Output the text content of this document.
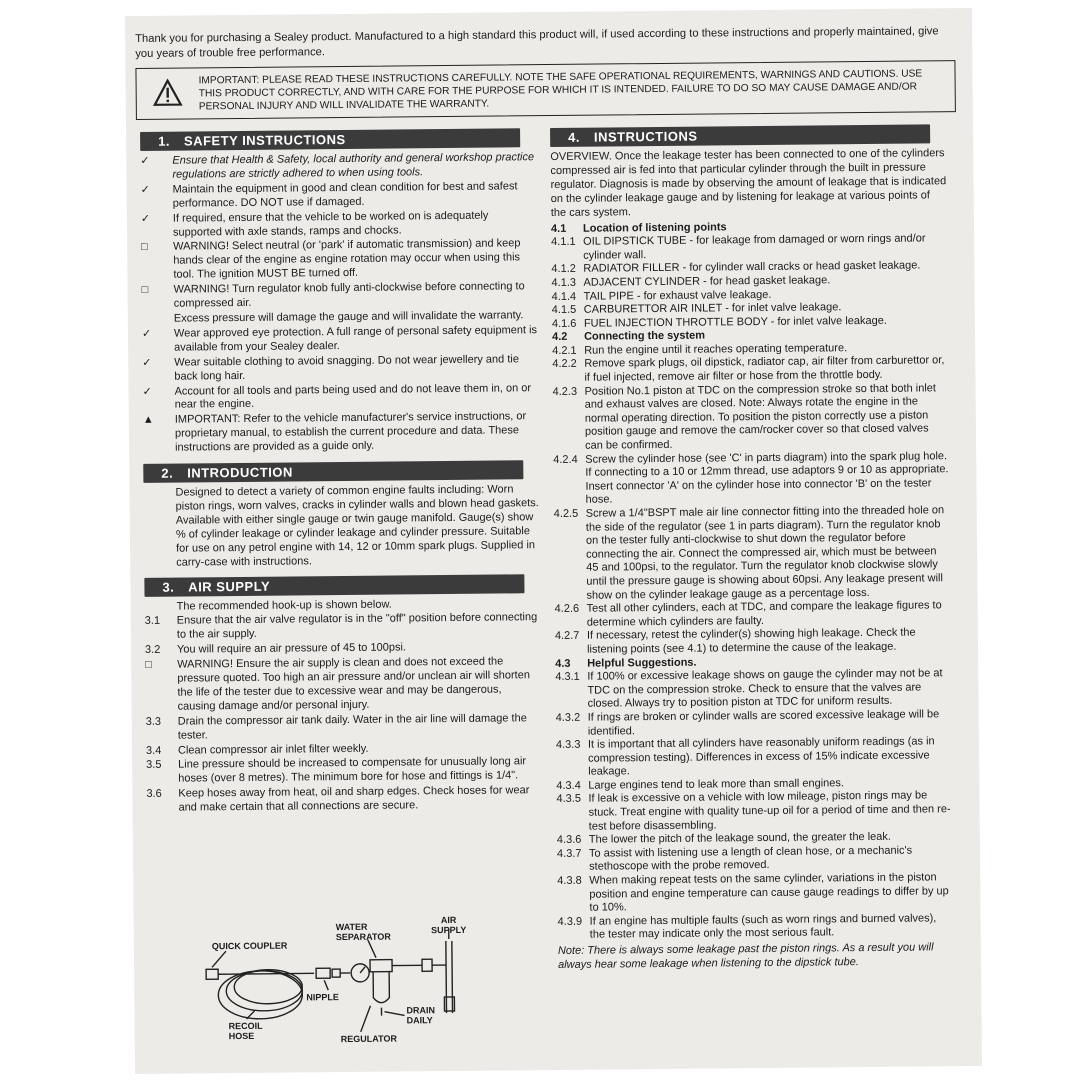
Thank you for purchasing a Sealey product. Manufactured to a high standard this product will, if used according to these instructions and properly maintained, give you years of trouble free performance.
IMPORTANT: PLEASE READ THESE INSTRUCTIONS CAREFULLY. NOTE THE SAFE OPERATIONAL REQUIREMENTS, WARNINGS AND CAUTIONS. USE THIS PRODUCT CORRECTLY, AND WITH CARE FOR THE PURPOSE FOR WHICH IT IS INTENDED. FAILURE TO DO SO MAY CAUSE DAMAGE AND/OR PERSONAL INJURY AND WILL INVALIDATE THE WARRANTY.
1. SAFETY INSTRUCTIONS
✓	Ensure that Health & Safety, local authority and general workshop practice regulations are strictly adhered to when using tools.
✓	Maintain the equipment in good and clean condition for best and safest performance. DO NOT use if damaged.
✓	If required, ensure that the vehicle to be worked on is adequately supported with axle stands, ramps and chocks.
□	WARNING! Select neutral (or 'park' if automatic transmission) and keep hands clear of the engine as engine rotation may occur when using this tool. The ignition MUST BE turned off.
□	WARNING! Turn regulator knob fully anti-clockwise before connecting to compressed air.
Excess pressure will damage the gauge and will invalidate the warranty.
✓	Wear approved eye protection. A full range of personal safety equipment is available from your Sealey dealer.
✓	Wear suitable clothing to avoid snagging. Do not wear jewellery and tie back long hair.
✓	Account for all tools and parts being used and do not leave them in, on or near the engine.
▲	IMPORTANT: Refer to the vehicle manufacturer's service instructions, or proprietary manual, to establish the current procedure and data. These instructions are provided as a guide only.
2. INTRODUCTION
Designed to detect a variety of common engine faults including: Worn piston rings, worn valves, cracks in cylinder walls and blown head gaskets. Available with either single gauge or twin gauge manifold. Gauge(s) show % of cylinder leakage or cylinder leakage and cylinder pressure. Suitable for use on any petrol engine with 14, 12 or 10mm spark plugs. Supplied in carry-case with instructions.
3. AIR SUPPLY
The recommended hook-up is shown below.
3.1	Ensure that the air valve regulator is in the "off" position before connecting to the air supply.
3.2	You will require an air pressure of 45 to 100psi.
□	WARNING! Ensure the air supply is clean and does not exceed the pressure quoted. Too high an air pressure and/or unclean air will shorten the life of the tester due to excessive wear and may be dangerous, causing damage and/or personal injury.
3.3	Drain the compressor air tank daily. Water in the air line will damage the tester.
3.4	Clean compressor air inlet filter weekly.
3.5	Line pressure should be increased to compensate for unusually long air hoses (over 8 metres). The minimum bore for hose and fittings is 1/4".
3.6	Keep hoses away from heat, oil and sharp edges. Check hoses for wear and make certain that all connections are secure.
QUICK COUPLER
WATER SEPARATOR
AIR SUPPLY
NIPPLE
DRAIN DAILY
RECOIL HOSE	REGULATOR
4. INSTRUCTIONS
OVERVIEW. Once the leakage tester has been connected to one of the cylinders compressed air is fed into that particular cylinder through the built in pressure regulator. Diagnosis is made by observing the amount of leakage that is indicated on the cylinder leakage gauge and by listening for leakage at various points of the cars system.
4.1	Location of listening points
4.1.1 OIL DIPSTICK TUBE - for leakage from damaged or worn rings and/or cylinder wall.
4.1.2 RADIATOR FILLER - for cylinder wall cracks or head gasket leakage.
4.1.3 ADJACENT CYLINDER - for head gasket leakage.
4.1.4 TAIL PIPE - for exhaust valve leakage.
4.1.5 CARBURETTOR AIR INLET - for inlet valve leakage.
4.1.6 FUEL INJECTION THROTTLE BODY - for inlet valve leakage.
4.2	Connecting the system
4.2.1 Run the engine until it reaches operating temperature.
4.2.2 Remove spark plugs, oil dipstick, radiator cap, air filter from carburettor or, if fuel injected, remove air filter or hose from the throttle body.
4.2.3 Position No.1 piston at TDC on the compression stroke so that both inlet and exhaust valves are closed. Note: Always rotate the engine in the normal operating direction. To position the piston correctly use a piston position gauge and remove the cam/rocker cover so that closed valves can be confirmed.
4.2.4 Screw the cylinder hose (see 'C' in parts diagram) into the spark plug hole. If connecting to a 10 or 12mm thread, use adaptors 9 or 10 as appropriate. Insert connector 'A' on the cylinder hose into connector 'B' on the tester hose.
4.2.5 Screw a 1/4"BSPT male air line connector fitting into the threaded hole on the side of the regulator (see 1 in parts diagram). Turn the regulator knob on the tester fully anti-clockwise to shut down the regulator before connecting the air. Connect the compressed air, which must be between 45 and 100psi, to the regulator. Turn the regulator knob clockwise slowly until the pressure gauge is showing about 60psi. Any leakage present will show on the cylinder leakage gauge as a percentage loss.
4.2.6 Test all other cylinders, each at TDC, and compare the leakage figures to determine which cylinders are faulty.
4.2.7 If necessary, retest the cylinder(s) showing high leakage. Check the listening points (see 4.1) to determine the cause of the leakage.
4.3	Helpful Suggestions.
4.3.1 If 100% or excessive leakage shows on gauge the cylinder may not be at TDC on the compression stroke. Check to ensure that the valves are closed. Always try to position piston at TDC for uniform results.
4.3.2 If rings are broken or cylinder walls are scored excessive leakage will be identified.
4.3.3 It is important that all cylinders have reasonably uniform readings (as in compression testing). Differences in excess of 15% indicate excessive leakage.
4.3.4 Large engines tend to leak more than small engines.
4.3.5 If leak is excessive on a vehicle with low mileage, piston rings may be stuck. Treat engine with quality tune-up oil for a period of time and then re-test before disassembling.
4.3.6 The lower the pitch of the leakage sound, the greater the leak.
4.3.7 To assist with listening use a length of clean hose, or a mechanic's stethoscope with the probe removed.
4.3.8 When making repeat tests on the same cylinder, variations in the piston position and engine temperature can cause gauge readings to differ by up to 10%.
4.3.9 If an engine has multiple faults (such as worn rings and burned valves), the tester may indicate only the most serious fault.
Note: There is always some leakage past the piston rings. As a result you will always hear some leakage when listening to the dipstick tube.
